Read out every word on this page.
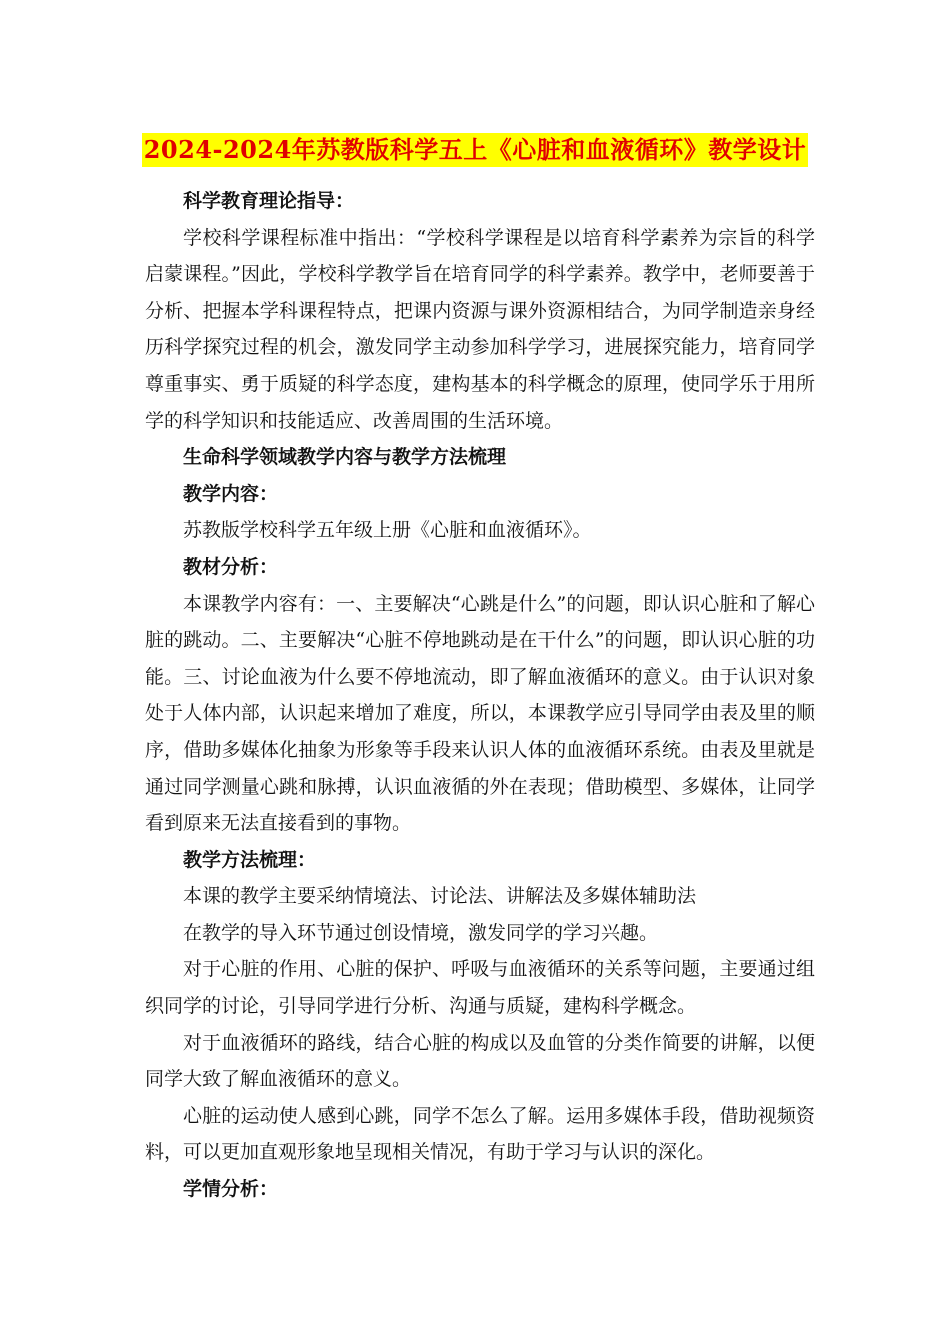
2024-2024年苏教版科学五上《心脏和血液循环》教学设计

科学教育理论指导：

学校科学课程标准中指出：“学校科学课程是以培育科学素养为宗旨的科学启蒙课程。”因此，学校科学教学旨在培育同学的科学素养。教学中，老师要善于分析、把握本学科课程特点，把课内资源与课外资源相结合，为同学制造亲身经历科学探究过程的机会，激发同学主动参加科学学习，进展探究能力，培育同学尊重事实、勇于质疑的科学态度，建构基本的科学概念的原理，使同学乐于用所学的科学知识和技能适应、改善周围的生活环境。

生命科学领域教学内容与教学方法梳理

教学内容：

苏教版学校科学五年级上册《心脏和血液循环》。

教材分析：

本课教学内容有：一、主要解决“心跳是什么”的问题，即认识心脏和了解心脏的跳动。二、主要解决“心脏不停地跳动是在干什么”的问题，即认识心脏的功能。三、讨论血液为什么要不停地流动，即了解血液循环的意义。由于认识对象处于人体内部，认识起来增加了难度，所以，本课教学应引导同学由表及里的顺序，借助多媒体化抽象为形象等手段来认识人体的血液循环系统。由表及里就是通过同学测量心跳和脉搏，认识血液循的外在表现；借助模型、多媒体，让同学看到原来无法直接看到的事物。

教学方法梳理：

本课的教学主要采纳情境法、讨论法、讲解法及多媒体辅助法

在教学的导入环节通过创设情境，激发同学的学习兴趣。

对于心脏的作用、心脏的保护、呼吸与血液循环的关系等问题，主要通过组织同学的讨论，引导同学进行分析、沟通与质疑，建构科学概念。

对于血液循环的路线，结合心脏的构成以及血管的分类作简要的讲解，以便同学大致了解血液循环的意义。

心脏的运动使人感到心跳，同学不怎么了解。运用多媒体手段，借助视频资料，可以更加直观形象地呈现相关情况，有助于学习与认识的深化。

学情分析：
